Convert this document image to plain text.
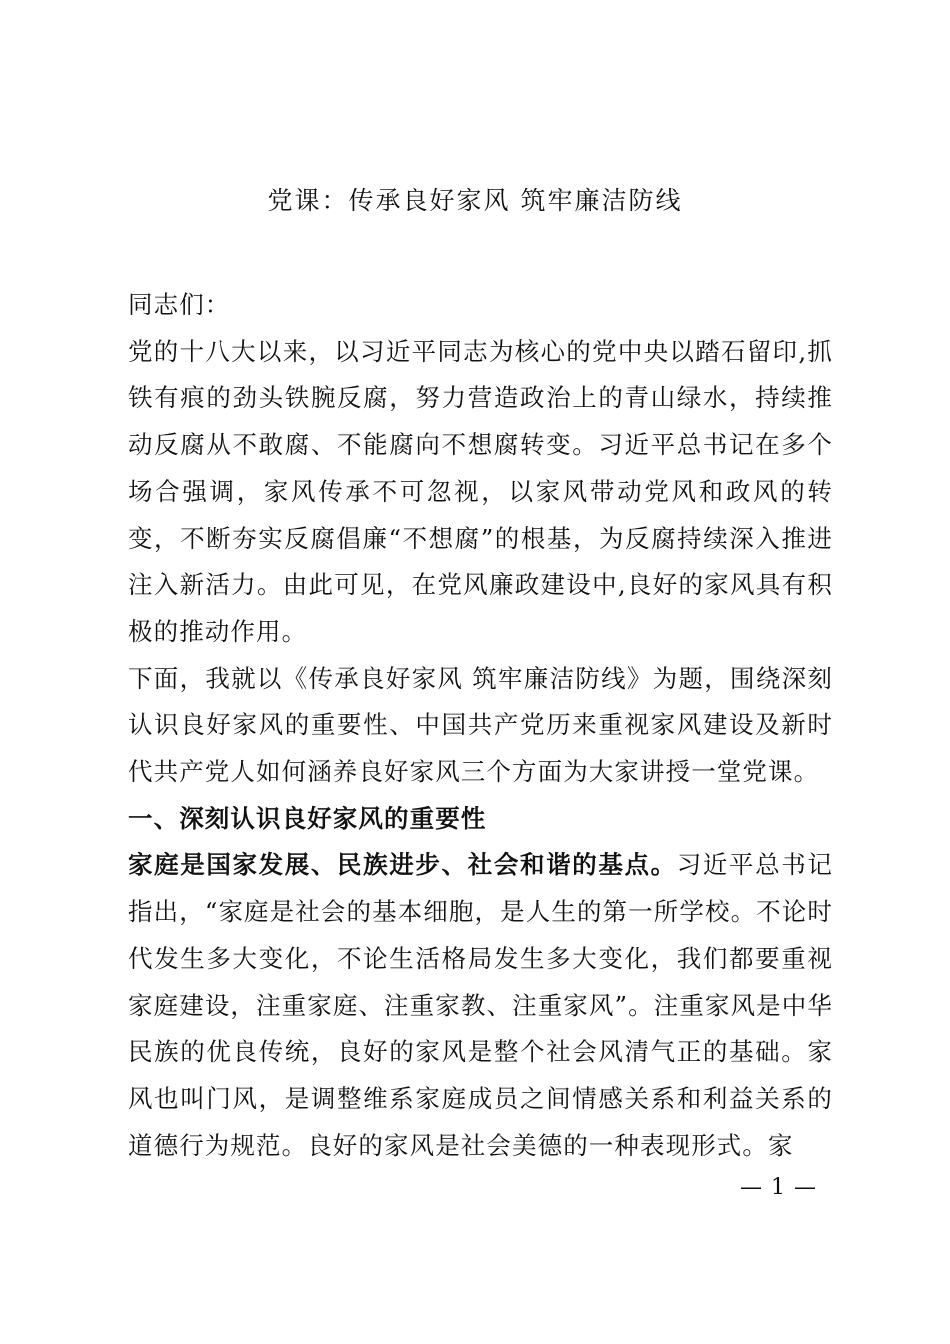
党课：传承良好家风 筑牢廉洁防线

同志们：

党的十八大以来，以习近平同志为核心的党中央以踏石留印,抓铁有痕的劲头铁腕反腐，努力营造政治上的青山绿水，持续推动反腐从不敢腐、不能腐向不想腐转变。习近平总书记在多个场合强调，家风传承不可忽视，以家风带动党风和政风的转变，不断夯实反腐倡廉“不想腐”的根基，为反腐持续深入推进注入新活力。由此可见，在党风廉政建设中,良好的家风具有积极的推动作用。

下面，我就以《传承良好家风 筑牢廉洁防线》为题，围绕深刻认识良好家风的重要性、中国共产党历来重视家风建设及新时代共产党人如何涵养良好家风三个方面为大家讲授一堂党课。

一、深刻认识良好家风的重要性

家庭是国家发展、民族进步、社会和谐的基点。习近平总书记指出，“家庭是社会的基本细胞，是人生的第一所学校。不论时代发生多大变化，不论生活格局发生多大变化，我们都要重视家庭建设，注重家庭、注重家教、注重家风”。注重家风是中华民族的优良传统，良好的家风是整个社会风清气正的基础。家风也叫门风，是调整维系家庭成员之间情感关系和利益关系的道德行为规范。良好的家风是社会美德的一种表现形式。家

— 1 —
